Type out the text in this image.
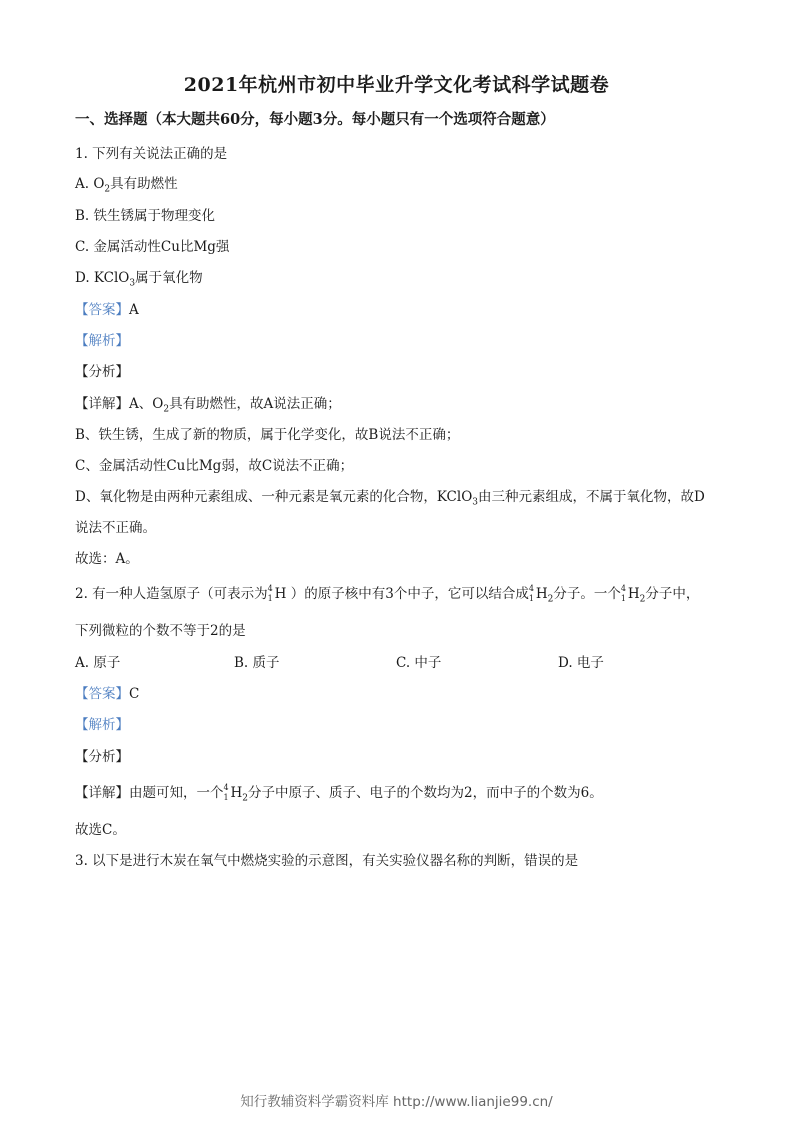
2021年杭州市初中毕业升学文化考试科学试题卷
一、选择题（本大题共60分，每小题3分。每小题只有一个选项符合题意）
1. 下列有关说法正确的是
A. $O_2$具有助燃性
B. 铁生锈属于物理变化
C. 金属活动性Cu比Mg强
D. KClO$_3$属于氧化物
【答案】A
【解析】
【分析】
【详解】A、$O_2$具有助燃性，故A说法正确；
B、铁生锈，生成了新的物质，属于化学变化，故B说法不正确；
C、金属活动性Cu比Mg弱，故C说法不正确；
D、氧化物是由两种元素组成、一种元素是氧元素的化合物，KClO$_3$由三种元素组成，不属于氧化物，故D
说法不正确。
故选：A。
2. 有一种人造氢原子（可表示为 4
1 H ）的原子核中有3个中子，它可以结合成 4
1 $H_2$分子。一个 4
1 $H_2$分子中，
下列微粒的个数不等于2的是
A. 原子	B. 质子	C. 中子	D. 电子
【答案】C
【解析】
【分析】
【详解】由题可知，一个 4
1 $H_2$分子中原子、质子、电子的个数均为2，而中子的个数为6。
故选C。
3. 以下是进行木炭在氧气中燃烧实验的示意图，有关实验仪器名称的判断，错误的是
知行教辅资料学霸资料库 http://www.lianjie99.cn/
